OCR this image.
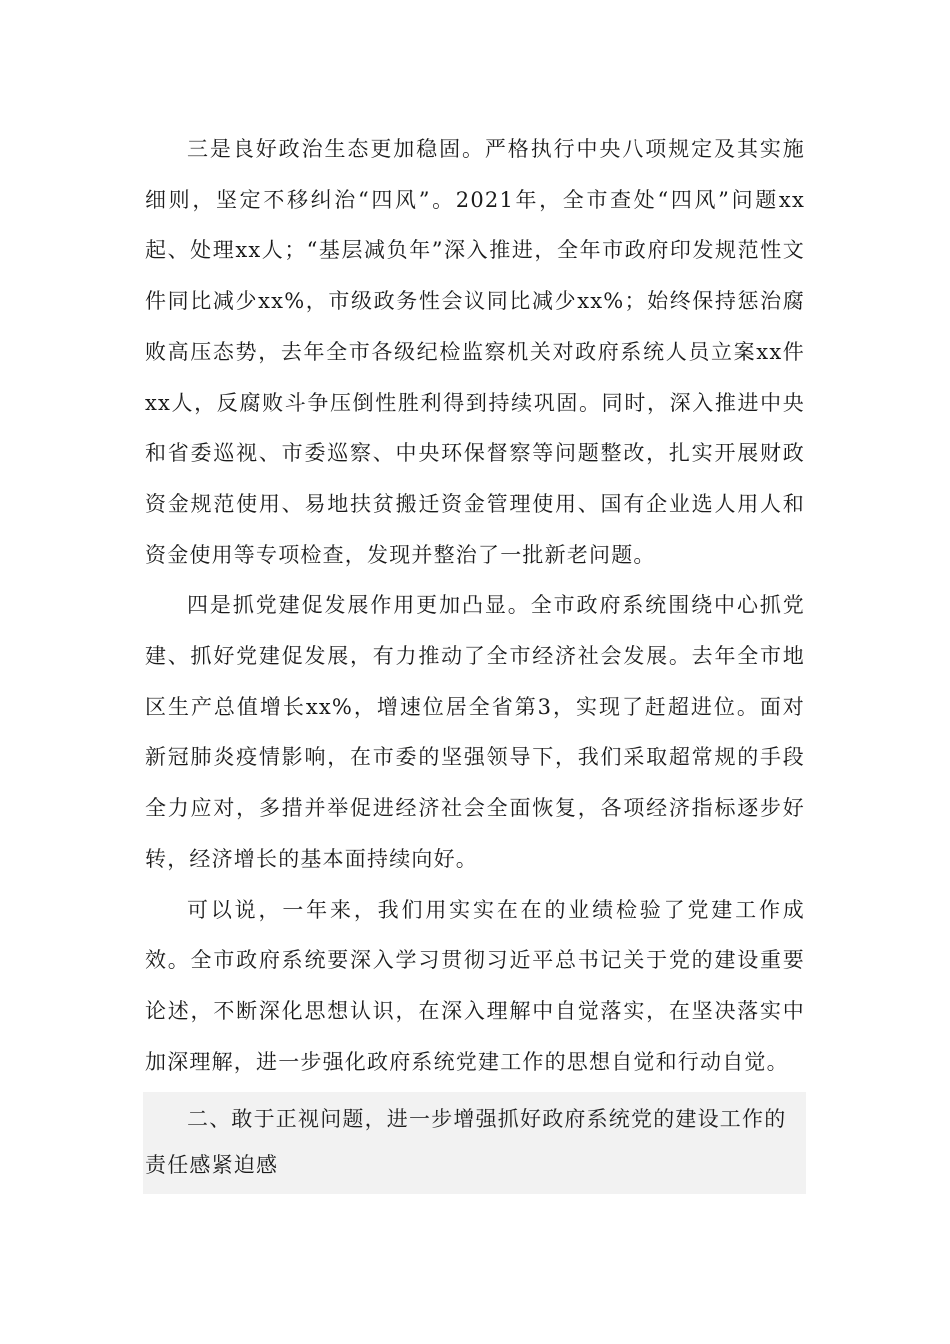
三是良好政治生态更加稳固。严格执行中央八项规定及其实施细则，坚定不移纠治“四风”。2021年，全市查处“四风”问题xx起、处理xx人；“基层减负年”深入推进，全年市政府印发规范性文件同比减少xx%，市级政务性会议同比减少xx%；始终保持惩治腐败高压态势，去年全市各级纪检监察机关对政府系统人员立案xx件xx人，反腐败斗争压倒性胜利得到持续巩固。同时，深入推进中央和省委巡视、市委巡察、中央环保督察等问题整改，扎实开展财政资金规范使用、易地扶贫搬迁资金管理使用、国有企业选人用人和资金使用等专项检查，发现并整治了一批新老问题。

四是抓党建促发展作用更加凸显。全市政府系统围绕中心抓党建、抓好党建促发展，有力推动了全市经济社会发展。去年全市地区生产总值增长xx%，增速位居全省第3，实现了赶超进位。面对新冠肺炎疫情影响，在市委的坚强领导下，我们采取超常规的手段全力应对，多措并举促进经济社会全面恢复，各项经济指标逐步好转，经济增长的基本面持续向好。

可以说，一年来，我们用实实在在的业绩检验了党建工作成效。全市政府系统要深入学习贯彻习近平总书记关于党的建设重要论述，不断深化思想认识，在深入理解中自觉落实，在坚决落实中加深理解，进一步强化政府系统党建工作的思想自觉和行动自觉。

二、敢于正视问题，进一步增强抓好政府系统党的建设工作的责任感紧迫感
